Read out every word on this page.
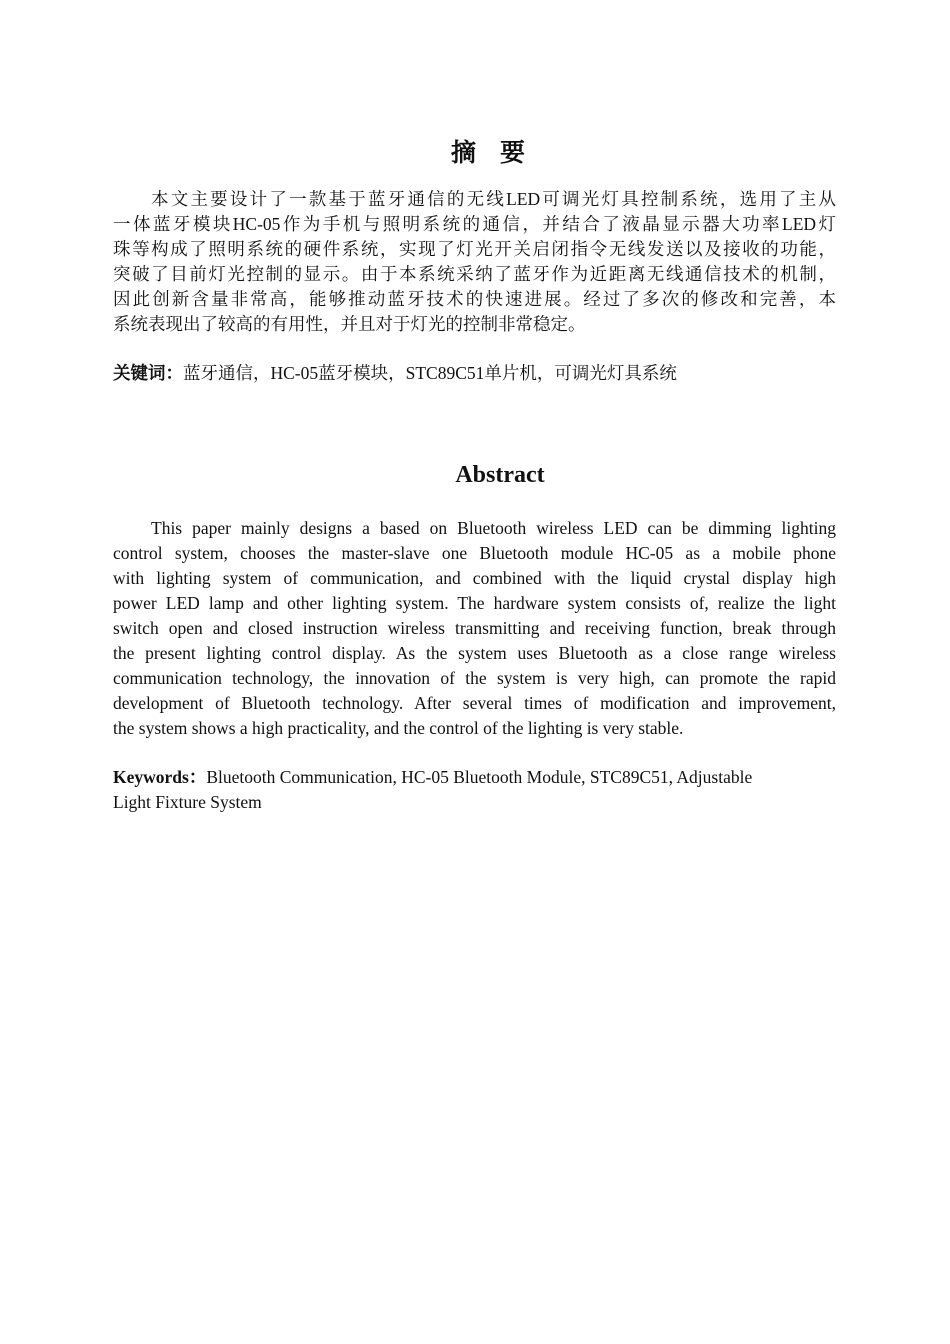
摘要
本文主要设计了一款基于蓝牙通信的无线LED可调光灯具控制系统，选用了主从
一体蓝牙模块HC-05作为手机与照明系统的通信，并结合了液晶显示器大功率LED灯
珠等构成了照明系统的硬件系统，实现了灯光开关启闭指令无线发送以及接收的功能，
突破了目前灯光控制的显示。由于本系统采纳了蓝牙作为近距离无线通信技术的机制，
因此创新含量非常高，能够推动蓝牙技术的快速进展。经过了多次的修改和完善，本
系统表现出了较高的有用性，并且对于灯光的控制非常稳定。
关键词：蓝牙通信，HC-05蓝牙模块，STC89C51单片机，可调光灯具系统
Abstract
This paper mainly designs a based on Bluetooth wireless LED can be dimming lighting
control system, chooses the master-slave one Bluetooth module HC-05 as a mobile phone
with lighting system of communication, and combined with the liquid crystal display high
power LED lamp and other lighting system. The hardware system consists of, realize the light
switch open and closed instruction wireless transmitting and receiving function, break through
the present lighting control display. As the system uses Bluetooth as a close range wireless
communication technology, the innovation of the system is very high, can promote the rapid
development of Bluetooth technology. After several times of modification and improvement,
the system shows a high practicality, and the control of the lighting is very stable.
Keywords：Bluetooth Communication, HC-05 Bluetooth Module, STC89C51, Adjustable
Light Fixture System
